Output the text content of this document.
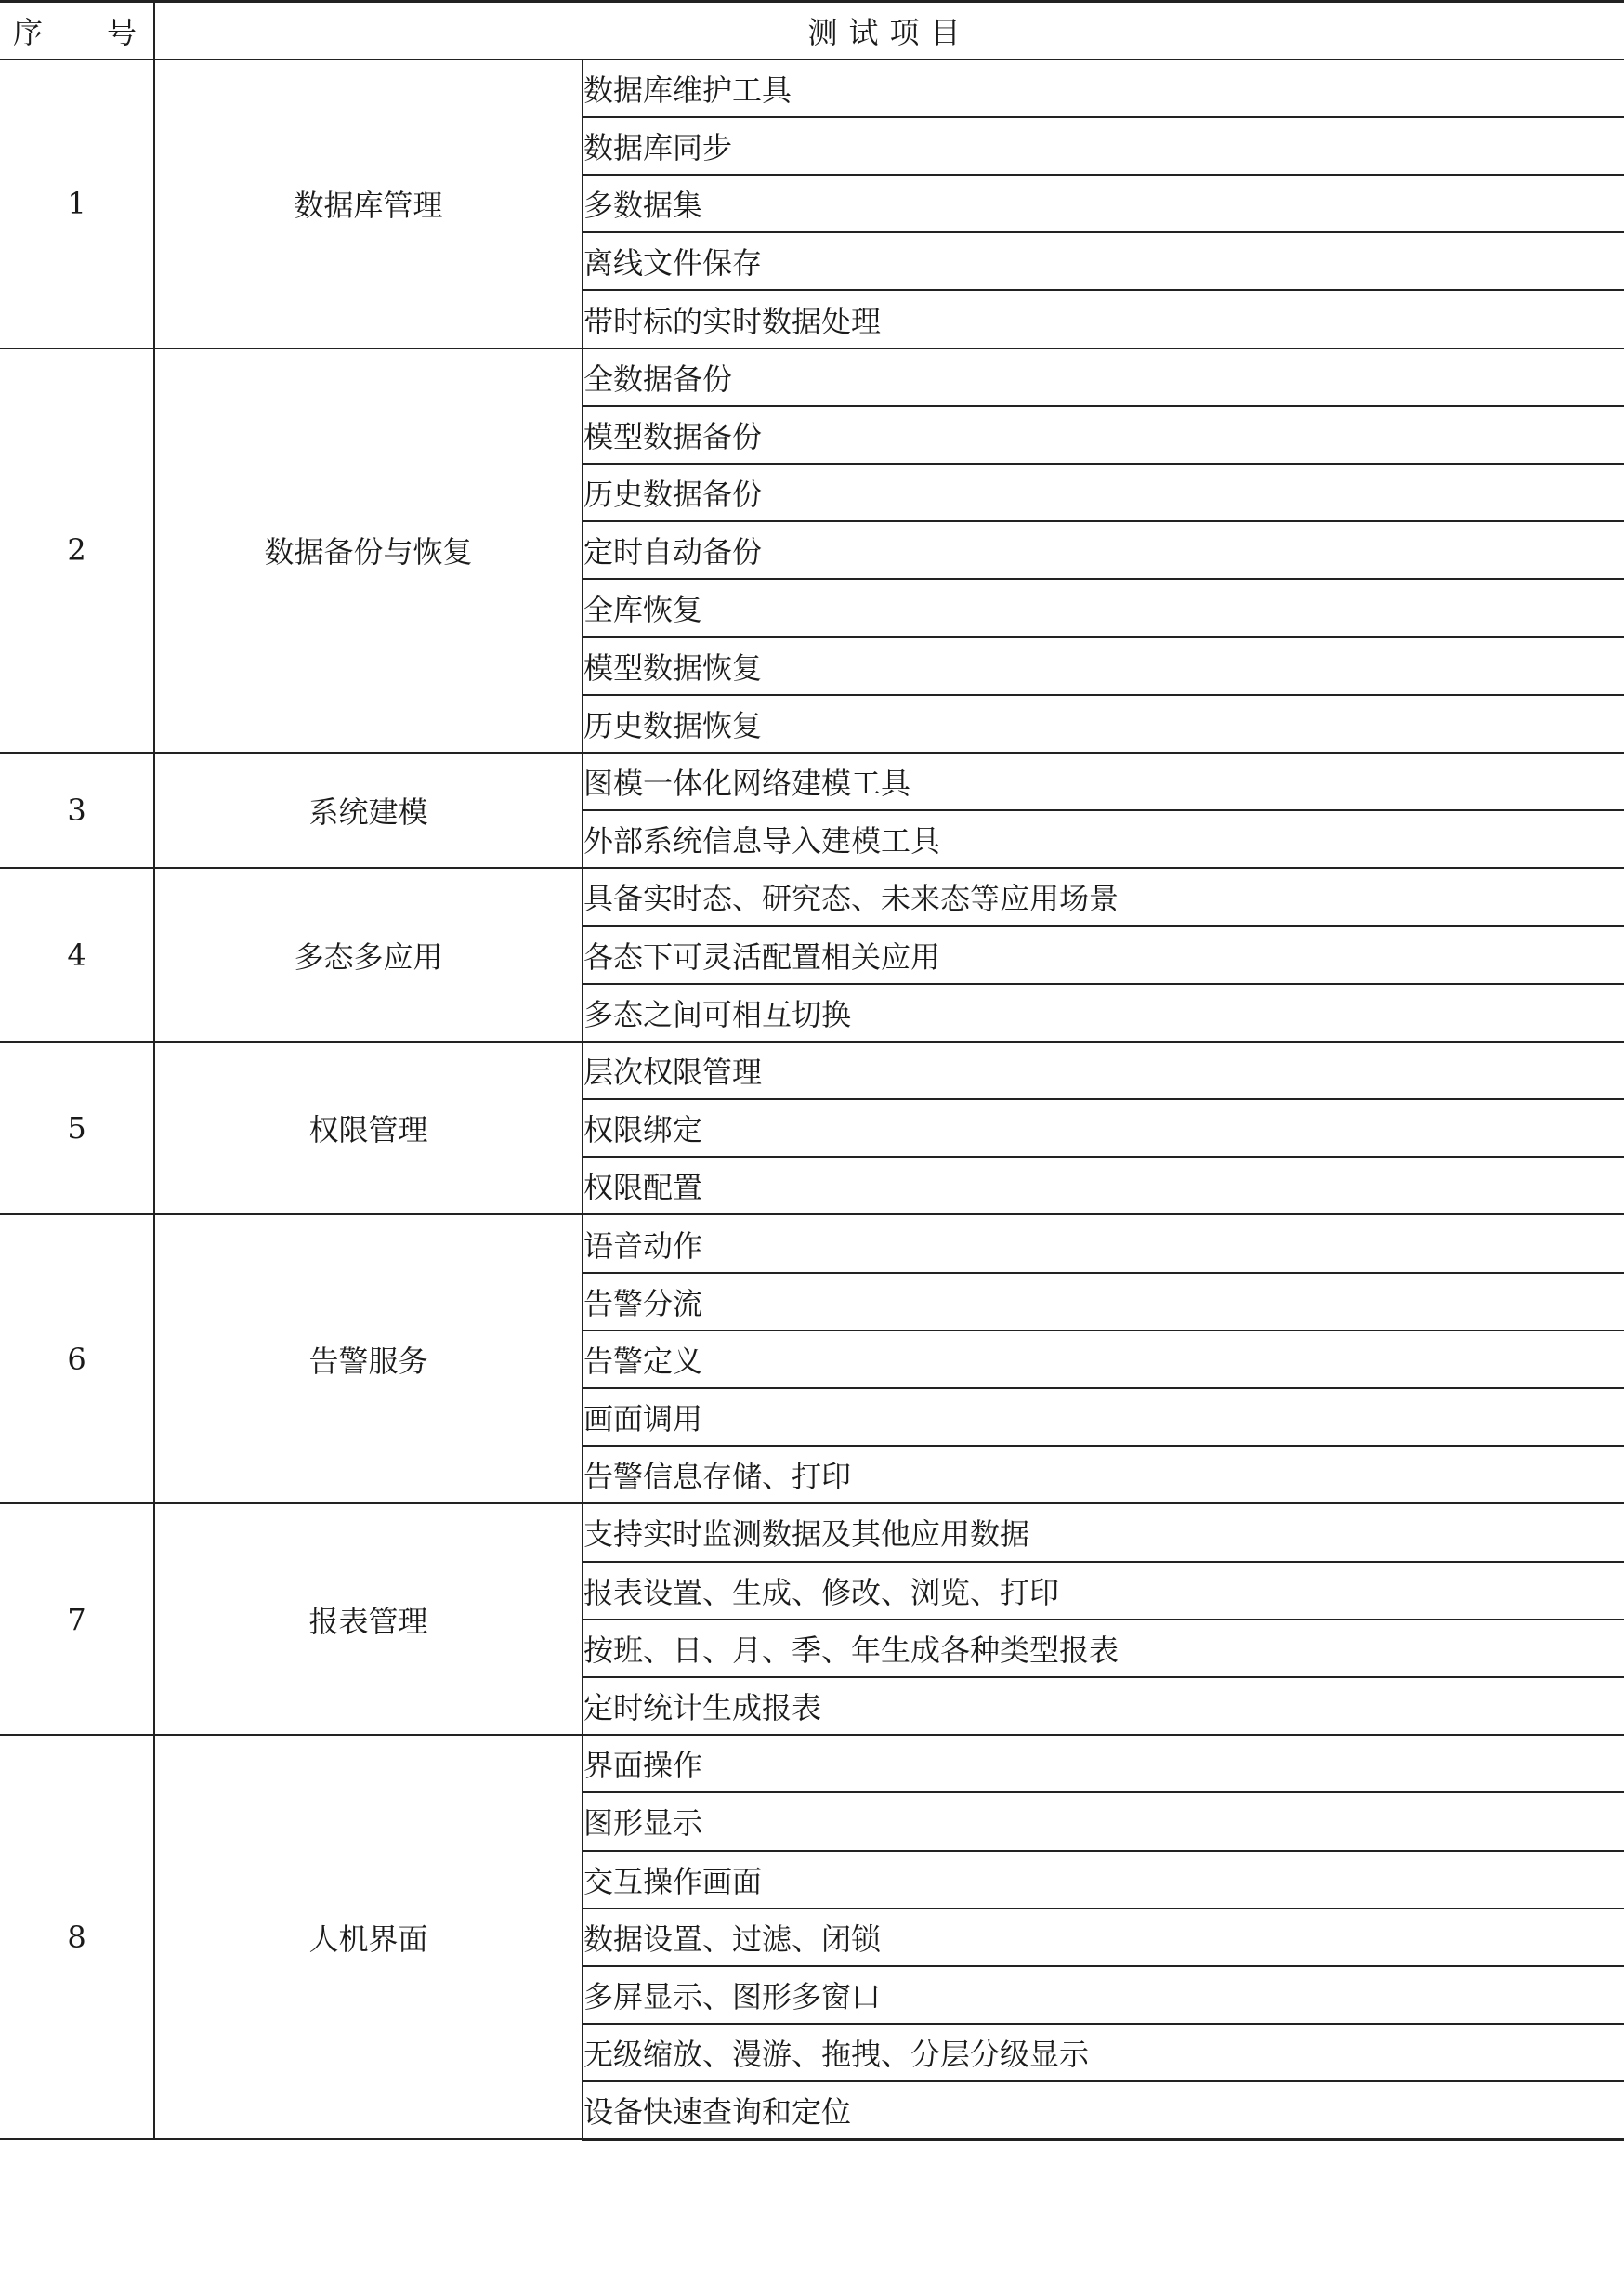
序 号	测试项目	
1	数据库管理	数据库维护工具
		数据库同步
		多数据集
		离线文件保存
		带时标的实时数据处理
2	数据备份与恢复	全数据备份
		模型数据备份
		历史数据备份
		定时自动备份
		全库恢复
		模型数据恢复
		历史数据恢复
3	系统建模	图模一体化网络建模工具
		外部系统信息导入建模工具
4	多态多应用	具备实时态、研究态、未来态等应用场景
		各态下可灵活配置相关应用
		多态之间可相互切换
5	权限管理	层次权限管理
		权限绑定
		权限配置
6	告警服务	语音动作
		告警分流
		告警定义
		画面调用
		告警信息存储、打印
7	报表管理	支持实时监测数据及其他应用数据
		报表设置、生成、修改、浏览、打印
		按班、日、月、季、年生成各种类型报表
		定时统计生成报表
8	人机界面	界面操作
		图形显示
		交互操作画面
		数据设置、过滤、闭锁
		多屏显示、图形多窗口
		无级缩放、漫游、拖拽、分层分级显示
		设备快速查询和定位
